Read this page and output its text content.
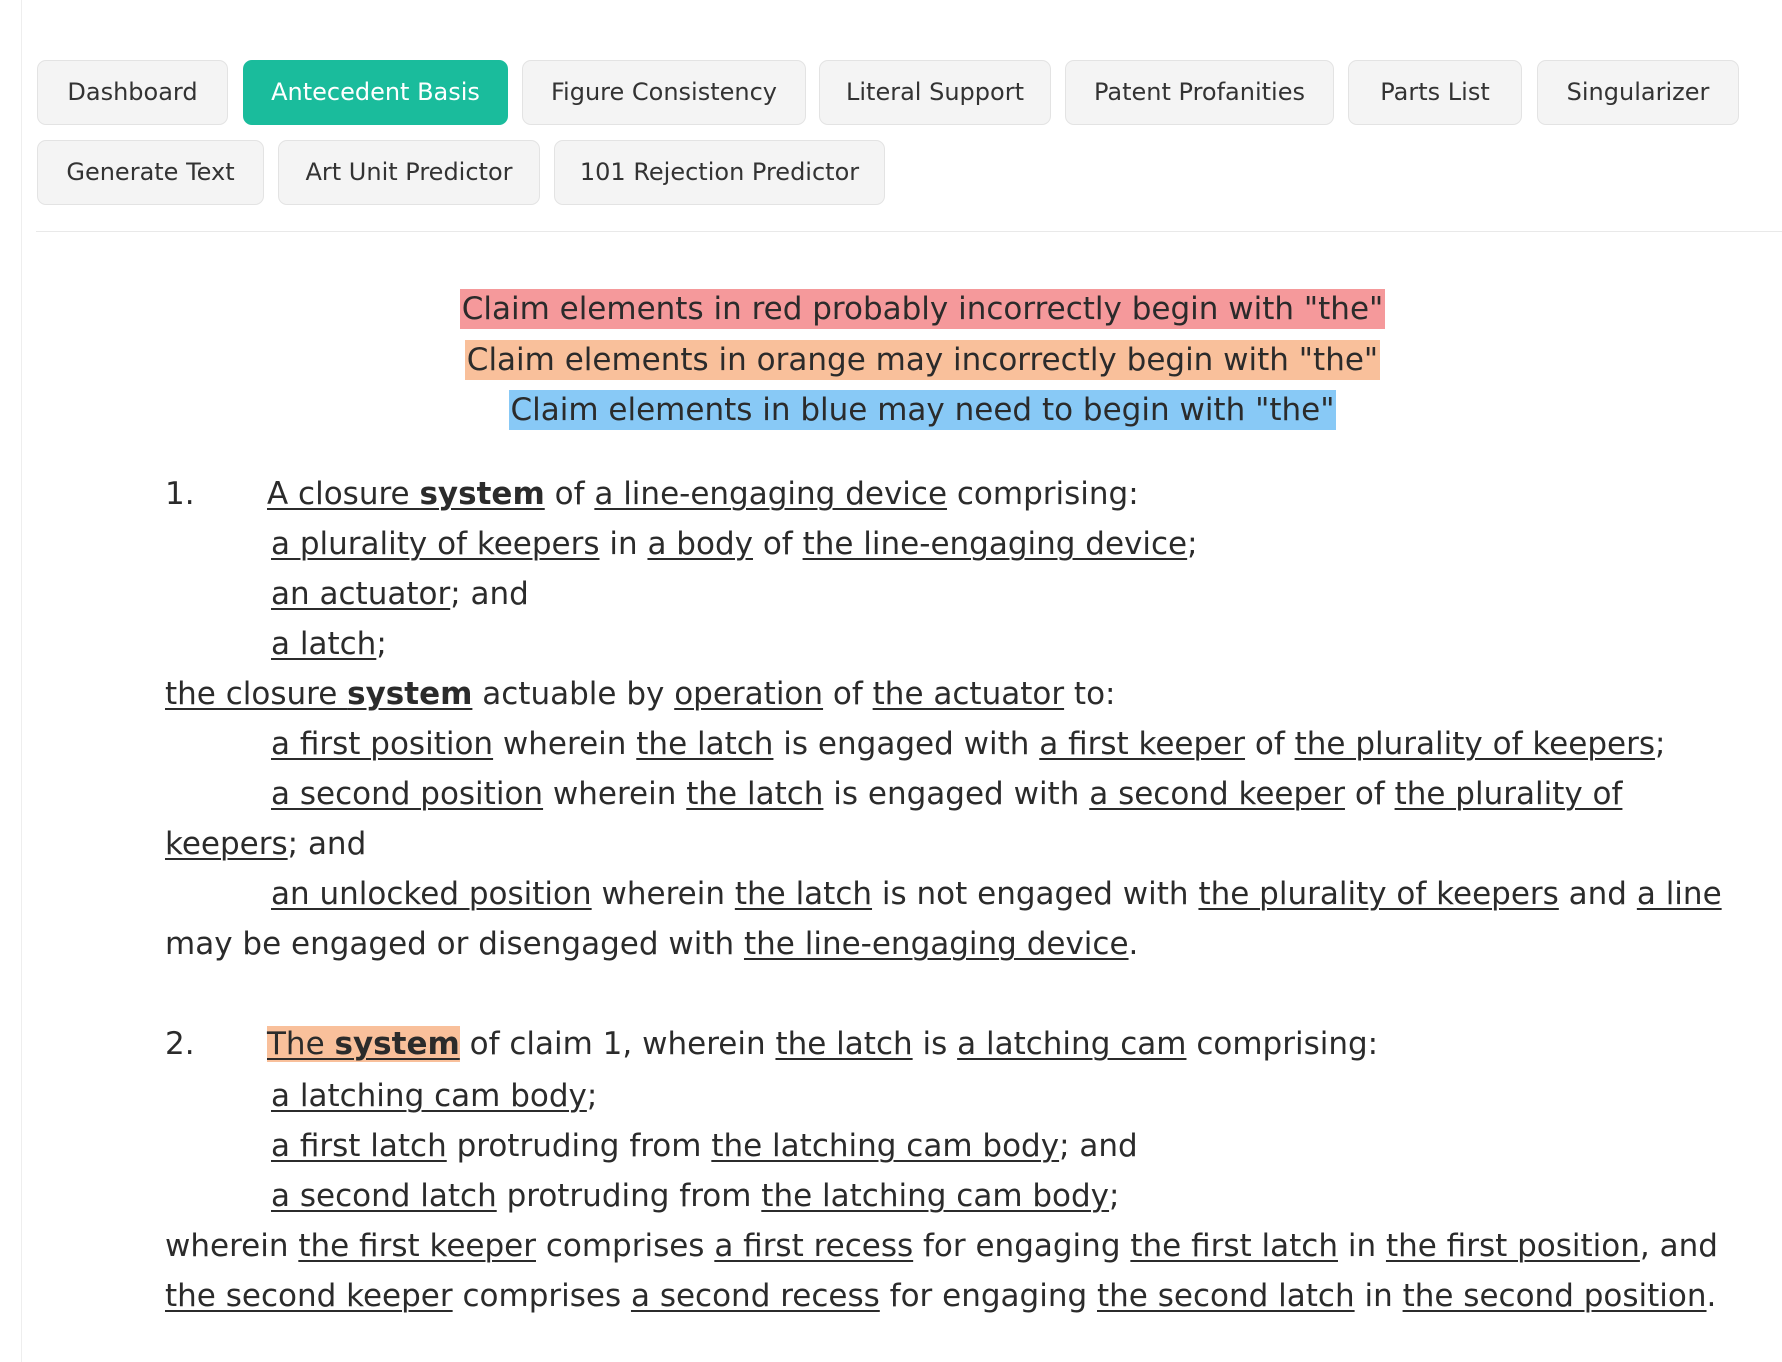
Dashboard	Antecedent Basis	Figure Consistency	Literal Support	Patent Profanities	Parts List	Singularizer
Generate Text	Art Unit Predictor	101 Rejection Predictor
Claim elements in red probably incorrectly begin with "the"
Claim elements in orange may incorrectly begin with "the"
Claim elements in blue may need to begin with "the"
1. A closure system of a line-engaging device comprising:
a plurality of keepers in a body of the line-engaging device;
an actuator; and
a latch;
the closure system actuable by operation of the actuator to:
a first position wherein the latch is engaged with a first keeper of the plurality of keepers;
a second position wherein the latch is engaged with a second keeper of the plurality of
keepers; and
an unlocked position wherein the latch is not engaged with the plurality of keepers and a line
may be engaged or disengaged with the line-engaging device.
2. The system of claim 1, wherein the latch is a latching cam comprising:
a latching cam body;
a first latch protruding from the latching cam body; and
a second latch protruding from the latching cam body;
wherein the first keeper comprises a first recess for engaging the first latch in the first position, and
the second keeper comprises a second recess for engaging the second latch in the second position.
